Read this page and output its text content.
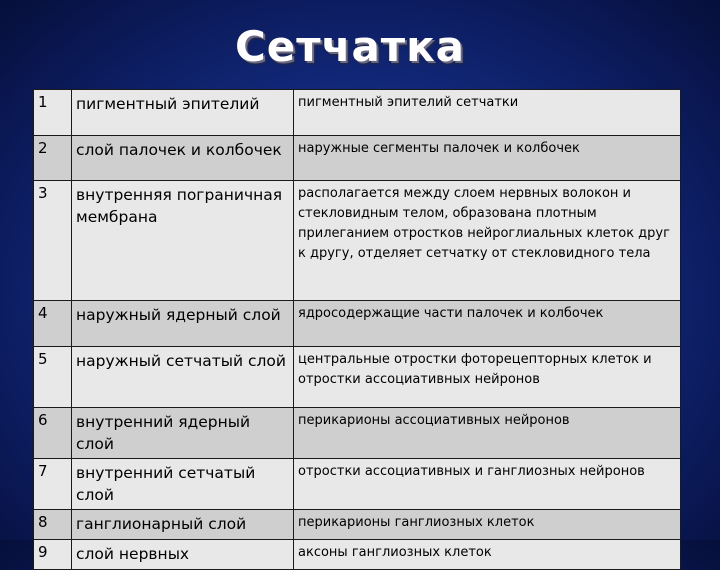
Сетчатка
1	пигментный эпителий	пигментный эпителий сетчатки
2	слой палочек и колбочек	наружные сегменты палочек и колбочек
3	внутренняя пограничная мембрана	располагается между слоем нервных волокон и стекловидным телом, образована плотным прилеганием отростков нейроглиальных клеток друг к другу, отделяет сетчатку от стекловидного тела
4	наружный ядерный слой	ядросодержащие части палочек и колбочек
5	наружный сетчатый слой	центральные отростки фоторецепторных клеток и отростки ассоциативных нейронов
6	внутренний ядерный слой	перикарионы ассоциативных нейронов
7	внутренний сетчатый слой	отростки ассоциативных и ганглиозных нейронов
8	ганглионарный слой	перикарионы ганглиозных клеток
9	слой нервных	аксоны ганглиозных клеток
